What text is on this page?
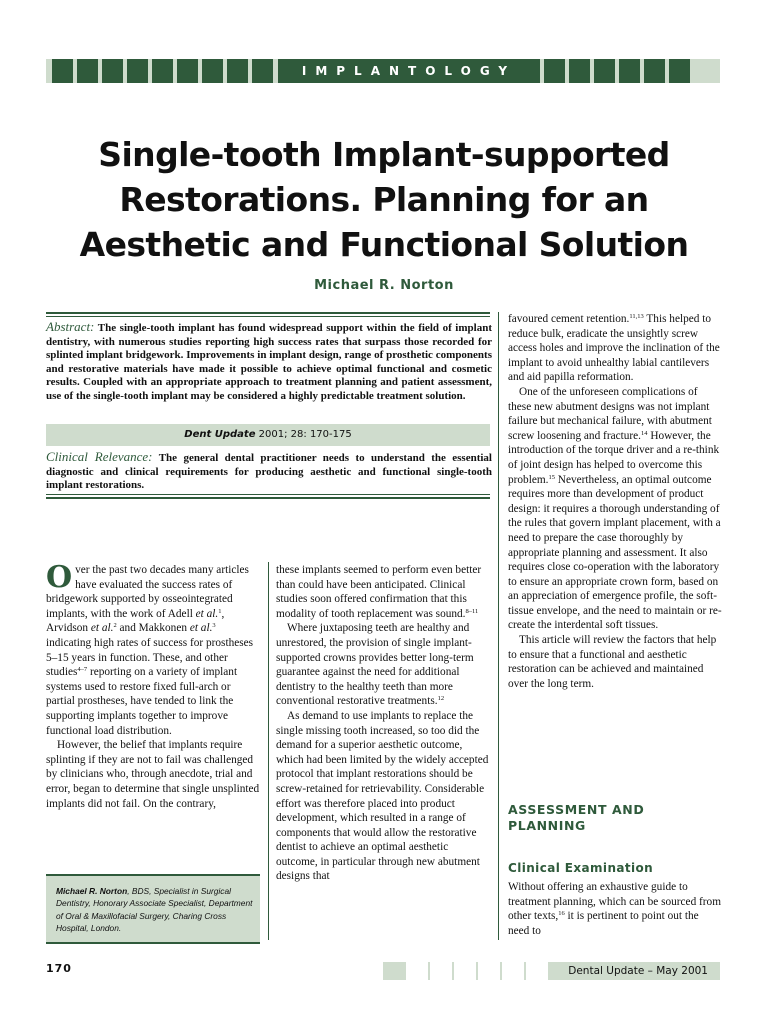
IMPLANTOLOGY
Single-tooth Implant-supported Restorations. Planning for an Aesthetic and Functional Solution
Michael R. Norton
Abstract: The single-tooth implant has found widespread support within the field of implant dentistry, with numerous studies reporting high success rates that surpass those recorded for splinted implant bridgework. Improvements in implant design, range of prosthetic components and restorative materials have made it possible to achieve optimal functional and cosmetic results. Coupled with an appropriate approach to treatment planning and patient assessment, use of the single-tooth implant may be considered a highly predictable treatment solution.
Dent Update 2001; 28: 170-175
Clinical Relevance: The general dental practitioner needs to understand the essential diagnostic and clinical requirements for producing aesthetic and functional single-tooth implant restorations.

Over the past two decades many articles have evaluated the success rates of bridgework supported by osseointegrated implants, with the work of Adell et al.$^1$, Arvidson et al.$^2$ and Makkonen et al.$^3$ indicating high rates of success for prostheses 5–15 years in function. These, and other studies$^{4-7}$ reporting on a variety of implant systems used to restore fixed full-arch or partial prostheses, have tended to link the supporting implants together to improve functional load distribution.

However, the belief that implants require splinting if they are not to fail was challenged by clinicians who, through anecdote, trial and error, began to determine that single unsplinted implants did not fail. On the contrary,

these implants seemed to perform even better than could have been anticipated. Clinical studies soon offered confirmation that this modality of tooth replacement was sound.$^{8-11}$

Where juxtaposing teeth are healthy and unrestored, the provision of single implant-supported crowns provides better long-term guarantee against the need for additional dentistry to the healthy teeth than more conventional restorative treatments.$^{12}$

As demand to use implants to replace the single missing tooth increased, so too did the demand for a superior aesthetic outcome, which had been limited by the widely accepted protocol that implant restorations should be screw-retained for retrievability. Considerable effort was therefore placed into product development, which resulted in a range of components that would allow the restorative dentist to achieve an optimal aesthetic outcome, in particular through new abutment designs that

favoured cement retention.$^{11,13}$ This helped to reduce bulk, eradicate the unsightly screw access holes and improve the inclination of the implant to avoid unhealthy labial cantilevers and aid papilla reformation.

One of the unforeseen complications of these new abutment designs was not implant failure but mechanical failure, with abutment screw loosening and fracture.$^{14}$ However, the introduction of the torque driver and a re-think of joint design has helped to overcome this problem.$^{15}$ Nevertheless, an optimal outcome requires more than development of product design: it requires a thorough understanding of the rules that govern implant placement, with a need to prepare the case thoroughly by appropriate planning and assessment. It also requires close co-operation with the laboratory to ensure an appropriate crown form, based on an appreciation of emergence profile, the soft-tissue envelope, and the need to maintain or re-create the interdental soft tissues.

This article will review the factors that help to ensure that a functional and aesthetic restoration can be achieved and maintained over the long term.

ASSESSMENT AND PLANNING
Clinical Examination

Without offering an exhaustive guide to treatment planning, which can be sourced from other texts,$^{16}$ it is pertinent to point out the need to

Michael R. Norton, BDS, Specialist in Surgical Dentistry, Honorary Associate Specialist, Department of Oral & Maxillofacial Surgery, Charing Cross Hospital, London.
170	Dental Update – May 2001
